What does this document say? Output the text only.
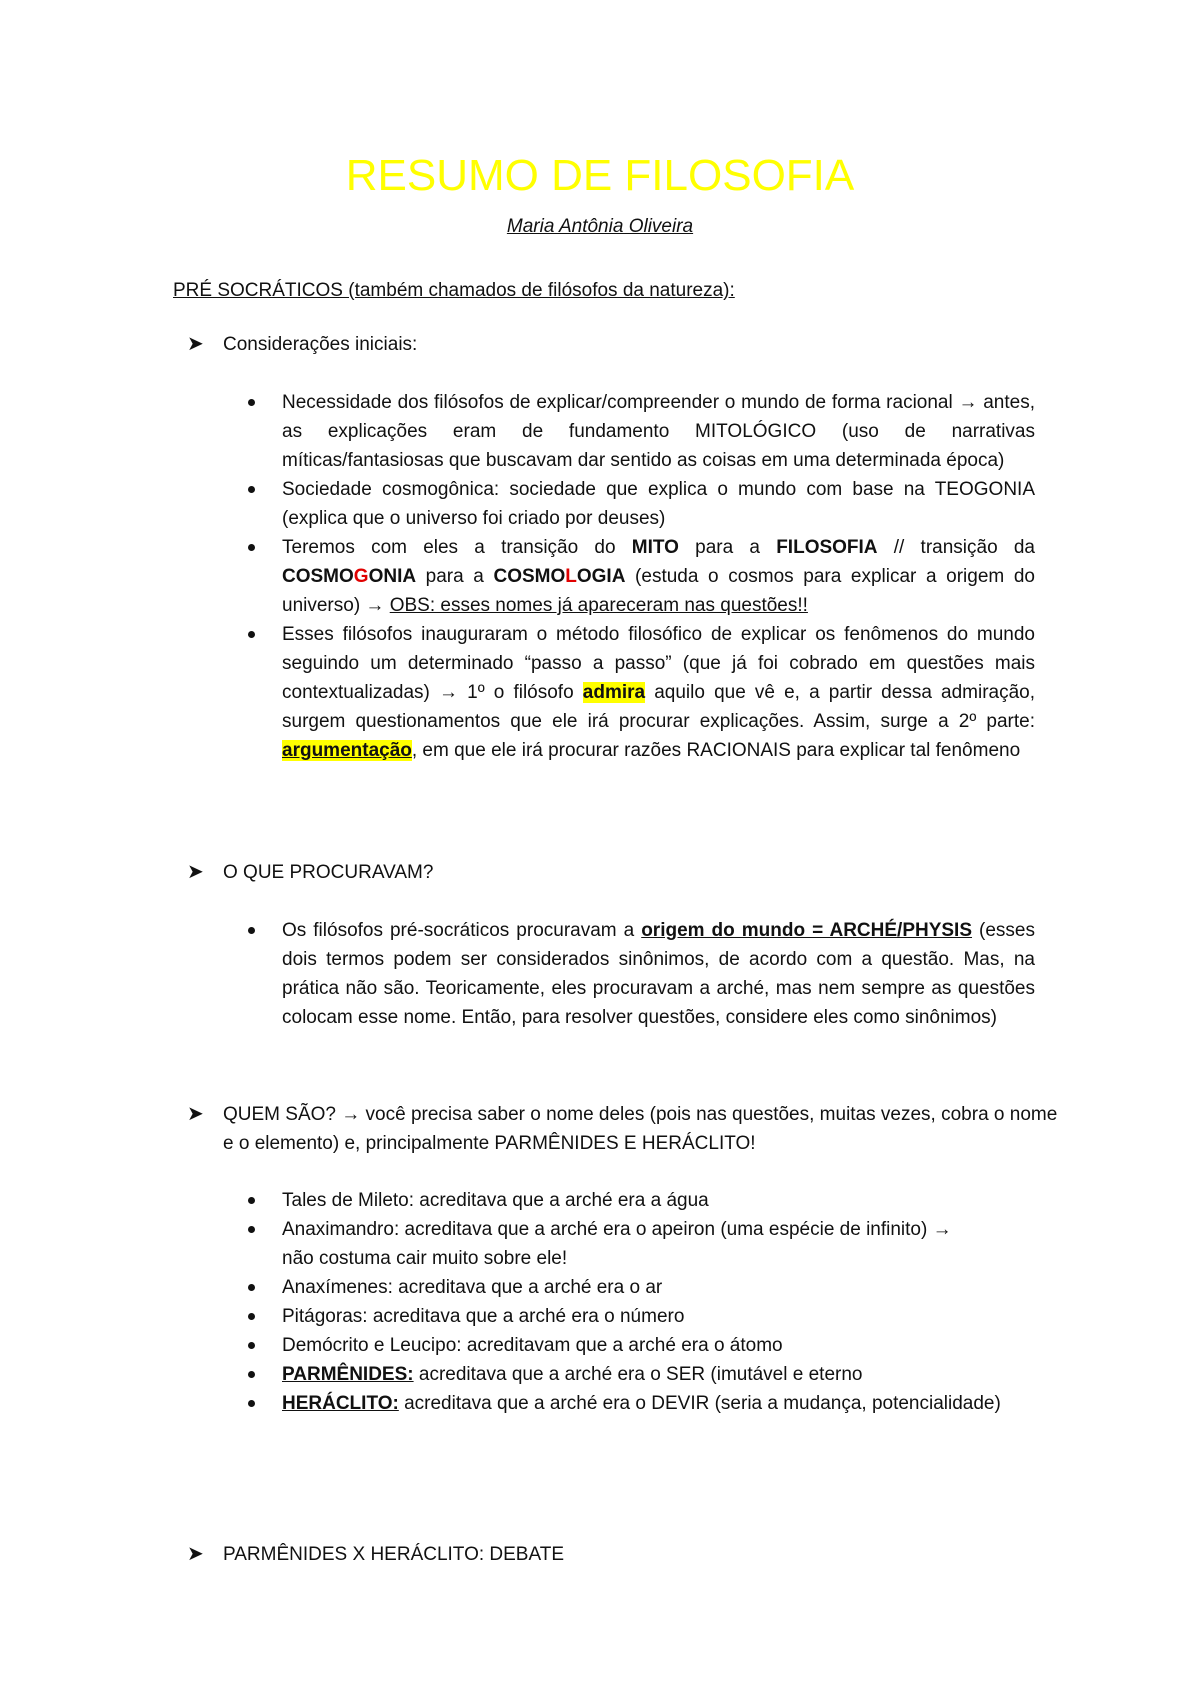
RESUMO DE FILOSOFIA
Maria Antônia Oliveira
PRÉ SOCRÁTICOS (também chamados de filósofos da natureza):
➤	Considerações iniciais:
Necessidade dos filósofos de explicar/compreender o mundo de forma racional → antes, as explicações eram de fundamento MITOLÓGICO (uso de narrativas míticas/fantasiosas que buscavam dar sentido as coisas em uma determinada época)
Sociedade cosmogônica: sociedade que explica o mundo com base na TEOGONIA (explica que o universo foi criado por deuses)
Teremos com eles a transição do MITO para a FILOSOFIA // transição da COSMOGONIA para a COSMOLOGIA (estuda o cosmos para explicar a origem do universo) → OBS: esses nomes já apareceram nas questões!!
Esses filósofos inauguraram o método filosófico de explicar os fenômenos do mundo seguindo um determinado “passo a passo” (que já foi cobrado em questões mais contextualizadas) → 1º o filósofo admira aquilo que vê e, a partir dessa admiração, surgem questionamentos que ele irá procurar explicações. Assim, surge a 2º parte: argumentação, em que ele irá procurar razões RACIONAIS para explicar tal fenômeno
➤	O QUE PROCURAVAM?
Os filósofos pré-socráticos procuravam a origem do mundo = ARCHÉ/PHYSIS (esses dois termos podem ser considerados sinônimos, de acordo com a questão. Mas, na prática não são. Teoricamente, eles procuravam a arché, mas nem sempre as questões colocam esse nome. Então, para resolver questões, considere eles como sinônimos)
➤	QUEM SÃO? → você precisa saber o nome deles (pois nas questões, muitas vezes, cobra o nome e o elemento) e, principalmente PARMÊNIDES E HERÁCLITO!
Tales de Mileto: acreditava que a arché era a água
Anaximandro: acreditava que a arché era o apeiron (uma espécie de infinito) →
não costuma cair muito sobre ele!
Anaxímenes: acreditava que a arché era o ar
Pitágoras: acreditava que a arché era o número
Demócrito e Leucipo: acreditavam que a arché era o átomo
PARMÊNIDES: acreditava que a arché era o SER (imutável e eterno
HERÁCLITO: acreditava que a arché era o DEVIR (seria a mudança, potencialidade)
➤	PARMÊNIDES X HERÁCLITO: DEBATE
